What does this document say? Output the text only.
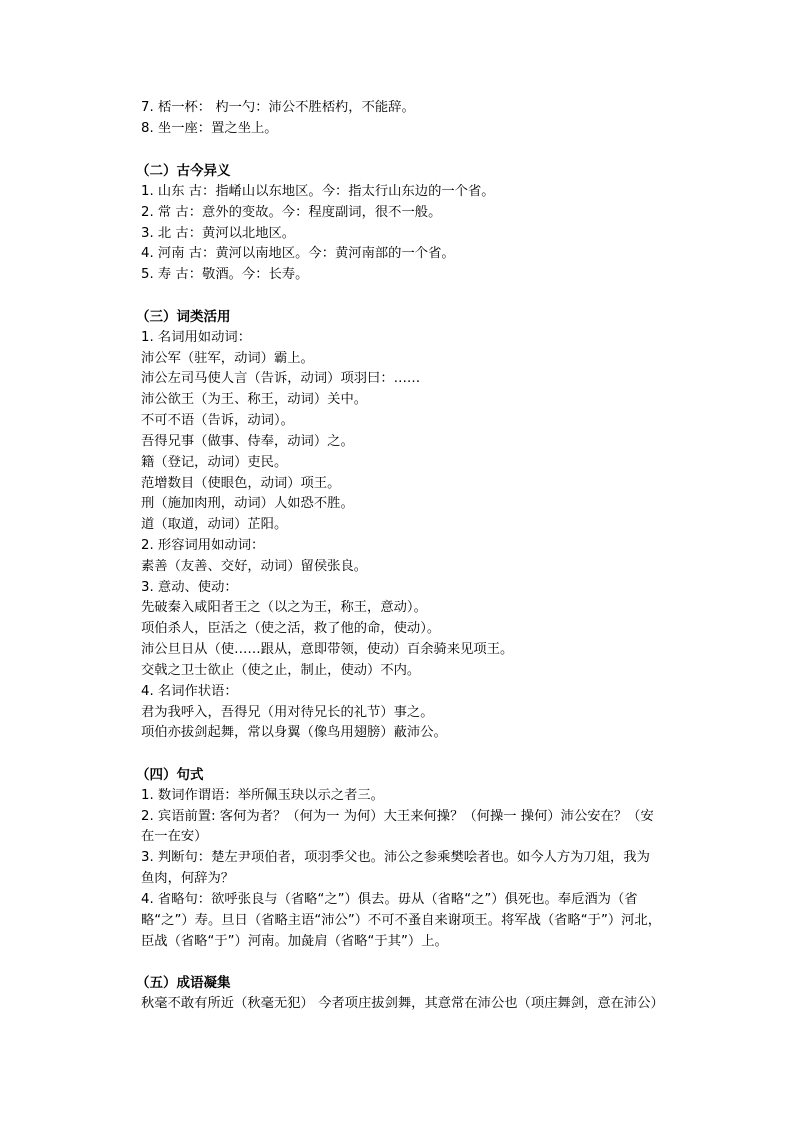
7. 桮一杯： 杓一勺：沛公不胜桮杓，不能辞。
8. 坐一座：置之坐上。
（二）古今异义
1. 山东 古：指崤山以东地区。今：指太行山东边的一个省。
2. 常 古：意外的变故。今：程度副词，很不一般。
3. 北 古：黄河以北地区。
4. 河南 古：黄河以南地区。今：黄河南部的一个省。
5. 寿 古：敬酒。今：长寿。
（三）词类活用
1. 名词用如动词：
沛公军（驻军，动词）霸上。
沛公左司马使人言（告诉，动词）项羽曰：……
沛公欲王（为王、称王，动词）关中。
不可不语（告诉，动词）。
吾得兄事（做事、侍奉，动词）之。
籍（登记，动词）吏民。
范增数目（使眼色，动词）项王。
刑（施加肉刑，动词）人如恐不胜。
道（取道，动词）芷阳。
2. 形容词用如动词：
素善（友善、交好，动词）留侯张良。
3. 意动、使动：
先破秦入咸阳者王之（以之为王，称王，意动）。
项伯杀人，臣活之（使之活，救了他的命，使动）。
沛公旦日从（使……跟从，意即带领，使动）百余骑来见项王。
交戟之卫士欲止（使之止，制止，使动）不内。
4. 名词作状语：
君为我呼入，吾得兄（用对待兄长的礼节）事之。
项伯亦拔剑起舞，常以身翼（像鸟用翅膀）蔽沛公。
（四）句式
1. 数词作谓语：举所佩玉玦以示之者三。
2. 宾语前置: 客何为者？（何为一 为何）大王来何操？（何操一 操何）沛公安在？（安
在一在安）
3. 判断句：楚左尹项伯者，项羽季父也。沛公之参乘樊哙者也。如今人方为刀俎，我为
鱼肉，何辞为？
4. 省略句：欲呼张良与（省略“之”）俱去。毋从（省略“之”）俱死也。奉卮酒为（省
略“之”）寿。旦日（省略主语“沛公”）不可不蚤自来谢项王。将军战（省略“于”）河北，
臣战（省略“于”）河南。加彘肩（省略“于其”）上。
（五）成语凝集
秋毫不敢有所近（秋毫无犯） 今者项庄拔剑舞，其意常在沛公也（项庄舞剑，意在沛公）
